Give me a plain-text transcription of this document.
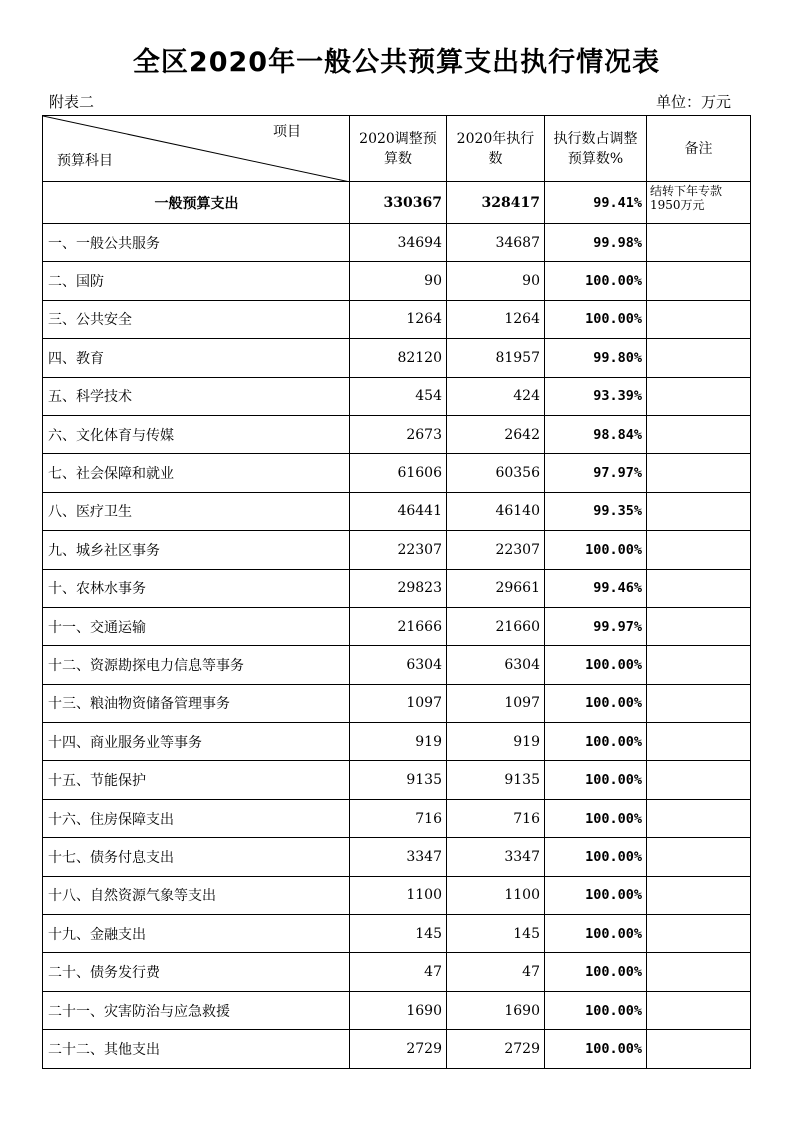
全区2020年一般公共预算支出执行情况表
附表二	单位：万元
项目
预算科目	2020调整预算数	2020年执行数	执行数占调整预算数%	备注
一般预算支出	330367	328417	99.41%	结转下年专款1950万元
一、一般公共服务	34694	34687	99.98%	
二、国防	90	90	100.00%	
三、公共安全	1264	1264	100.00%	
四、教育	82120	81957	99.80%	
五、科学技术	454	424	93.39%	
六、文化体育与传媒	2673	2642	98.84%	
七、社会保障和就业	61606	60356	97.97%	
八、医疗卫生	46441	46140	99.35%	
九、城乡社区事务	22307	22307	100.00%	
十、农林水事务	29823	29661	99.46%	
十一、交通运输	21666	21660	99.97%	
十二、资源勘探电力信息等事务	6304	6304	100.00%	
十三、粮油物资储备管理事务	1097	1097	100.00%	
十四、商业服务业等事务	919	919	100.00%	
十五、节能保护	9135	9135	100.00%	
十六、住房保障支出	716	716	100.00%	
十七、债务付息支出	3347	3347	100.00%	
十八、自然资源气象等支出	1100	1100	100.00%	
十九、金融支出	145	145	100.00%	
二十、债务发行费	47	47	100.00%	
二十一、灾害防治与应急救援	1690	1690	100.00%	
二十二、其他支出	2729	2729	100.00%	
